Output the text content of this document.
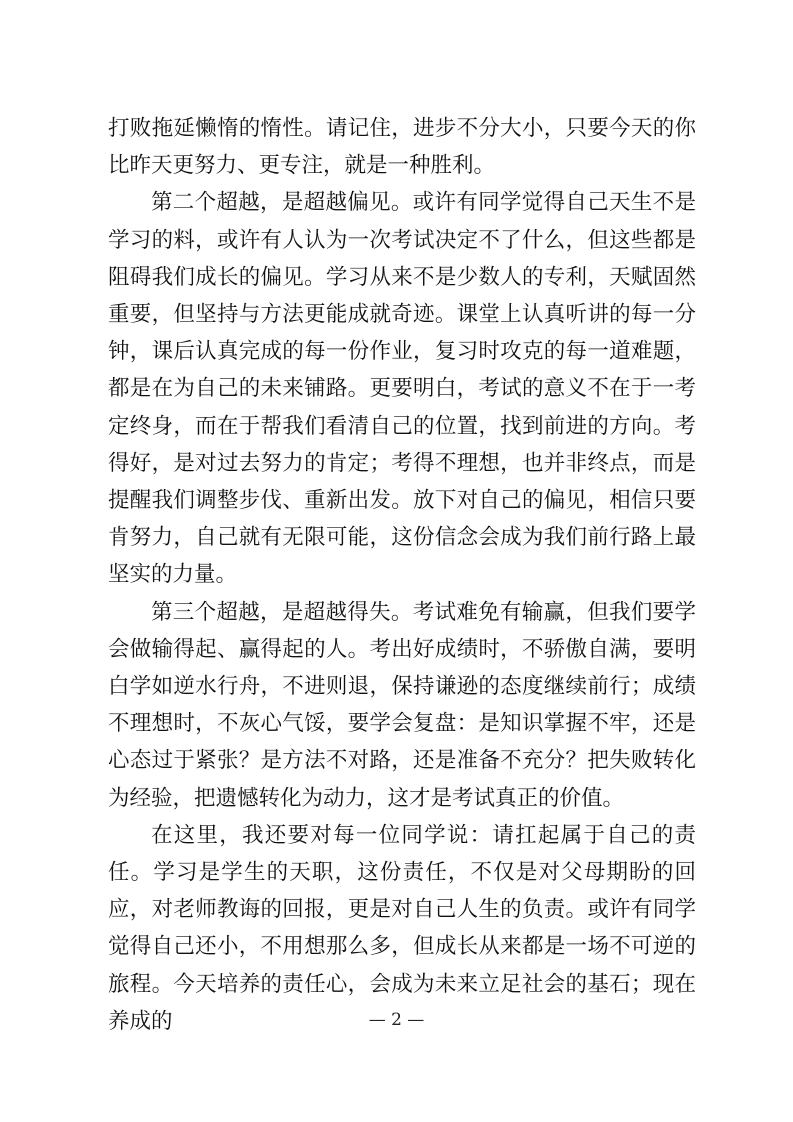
打败拖延懒惰的惰性。请记住，进步不分大小，只要今天的你比昨天更努力、更专注，就是一种胜利。

第二个超越，是超越偏见。或许有同学觉得自己天生不是学习的料，或许有人认为一次考试决定不了什么，但这些都是阻碍我们成长的偏见。学习从来不是少数人的专利，天赋固然重要，但坚持与方法更能成就奇迹。课堂上认真听讲的每一分钟，课后认真完成的每一份作业，复习时攻克的每一道难题，都是在为自己的未来铺路。更要明白，考试的意义不在于一考定终身，而在于帮我们看清自己的位置，找到前进的方向。考得好，是对过去努力的肯定；考得不理想，也并非终点，而是提醒我们调整步伐、重新出发。放下对自己的偏见，相信只要肯努力，自己就有无限可能，这份信念会成为我们前行路上最坚实的力量。

第三个超越，是超越得失。考试难免有输赢，但我们要学会做输得起、赢得起的人。考出好成绩时，不骄傲自满，要明白学如逆水行舟，不进则退，保持谦逊的态度继续前行；成绩不理想时，不灰心气馁，要学会复盘：是知识掌握不牢，还是心态过于紧张？是方法不对路，还是准备不充分？把失败转化为经验，把遗憾转化为动力，这才是考试真正的价值。

在这里，我还要对每一位同学说：请扛起属于自己的责任。学习是学生的天职，这份责任，不仅是对父母期盼的回应，对老师教诲的回报，更是对自己人生的负责。或许有同学觉得自己还小，不用想那么多，但成长从来都是一场不可逆的旅程。今天培养的责任心，会成为未来立足社会的基石；现在养成的	— 2 —
